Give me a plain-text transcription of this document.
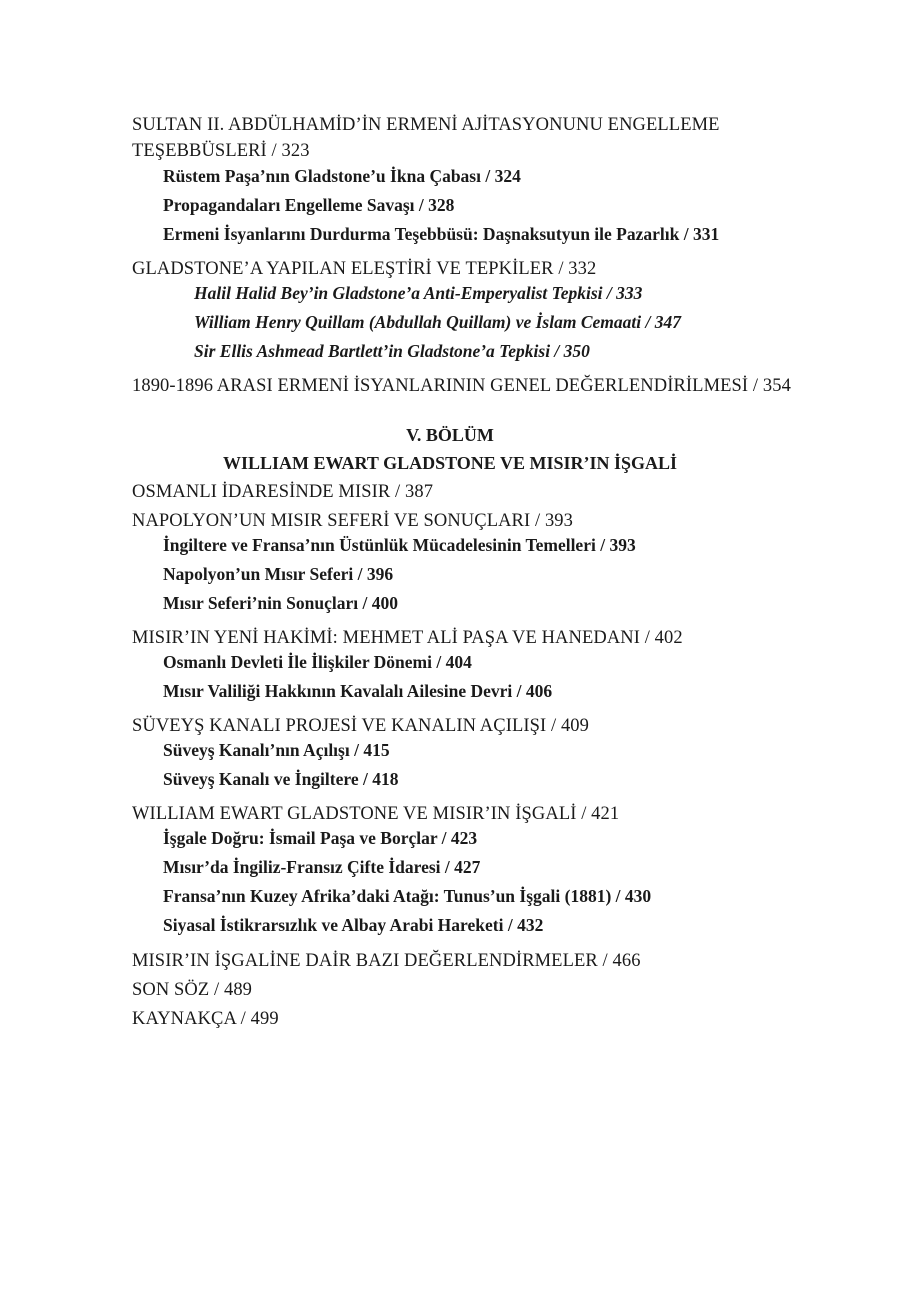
SULTAN II. ABDÜLHAMİD’İN ERMENİ AJİTASYONUNU ENGELLEME
TEŞEBBÜSLERİ / 323
Rüstem Paşa’nın Gladstone’u İkna Çabası / 324
Propagandaları Engelleme Savaşı / 328
Ermeni İsyanlarını Durdurma Teşebbüsü: Daşnaksutyun ile Pazarlık / 331
GLADSTONE’A YAPILAN ELEŞTİRİ VE TEPKİLER / 332
Halil Halid Bey’in Gladstone’a Anti-Emperyalist Tepkisi / 333
William Henry Quillam (Abdullah Quillam) ve İslam Cemaati / 347
Sir Ellis Ashmead Bartlett’in Gladstone’a Tepkisi / 350
1890-1896 ARASI ERMENİ İSYANLARININ GENEL DEĞERLENDİRİLMESİ / 354
V. BÖLÜM
WILLIAM EWART GLADSTONE VE MISIR’IN İŞGALİ
OSMANLI İDARESİNDE MISIR / 387
NAPOLYON’UN MISIR SEFERİ VE SONUÇLARI / 393
İngiltere ve Fransa’nın Üstünlük Mücadelesinin Temelleri / 393
Napolyon’un Mısır Seferi / 396
Mısır Seferi’nin Sonuçları / 400
MISIR’IN YENİ HAKİMİ: MEHMET ALİ PAŞA VE HANEDANI / 402
Osmanlı Devleti İle İlişkiler Dönemi / 404
Mısır Valiliği Hakkının Kavalalı Ailesine Devri / 406
SÜVEYŞ KANALI PROJESİ VE KANALIN AÇILIŞI / 409
Süveyş Kanalı’nın Açılışı / 415
Süveyş Kanalı ve İngiltere / 418
WILLIAM EWART GLADSTONE VE MISIR’IN İŞGALİ / 421
İşgale Doğru: İsmail Paşa ve Borçlar / 423
Mısır’da İngiliz-Fransız Çifte İdaresi / 427
Fransa’nın Kuzey Afrika’daki Atağı: Tunus’un İşgali (1881) / 430
Siyasal İstikrarsızlık ve Albay Arabi Hareketi / 432
MISIR’IN İŞGALİNE DAİR BAZI DEĞERLENDİRMELER / 466
SON SÖZ / 489
KAYNAKÇA / 499
